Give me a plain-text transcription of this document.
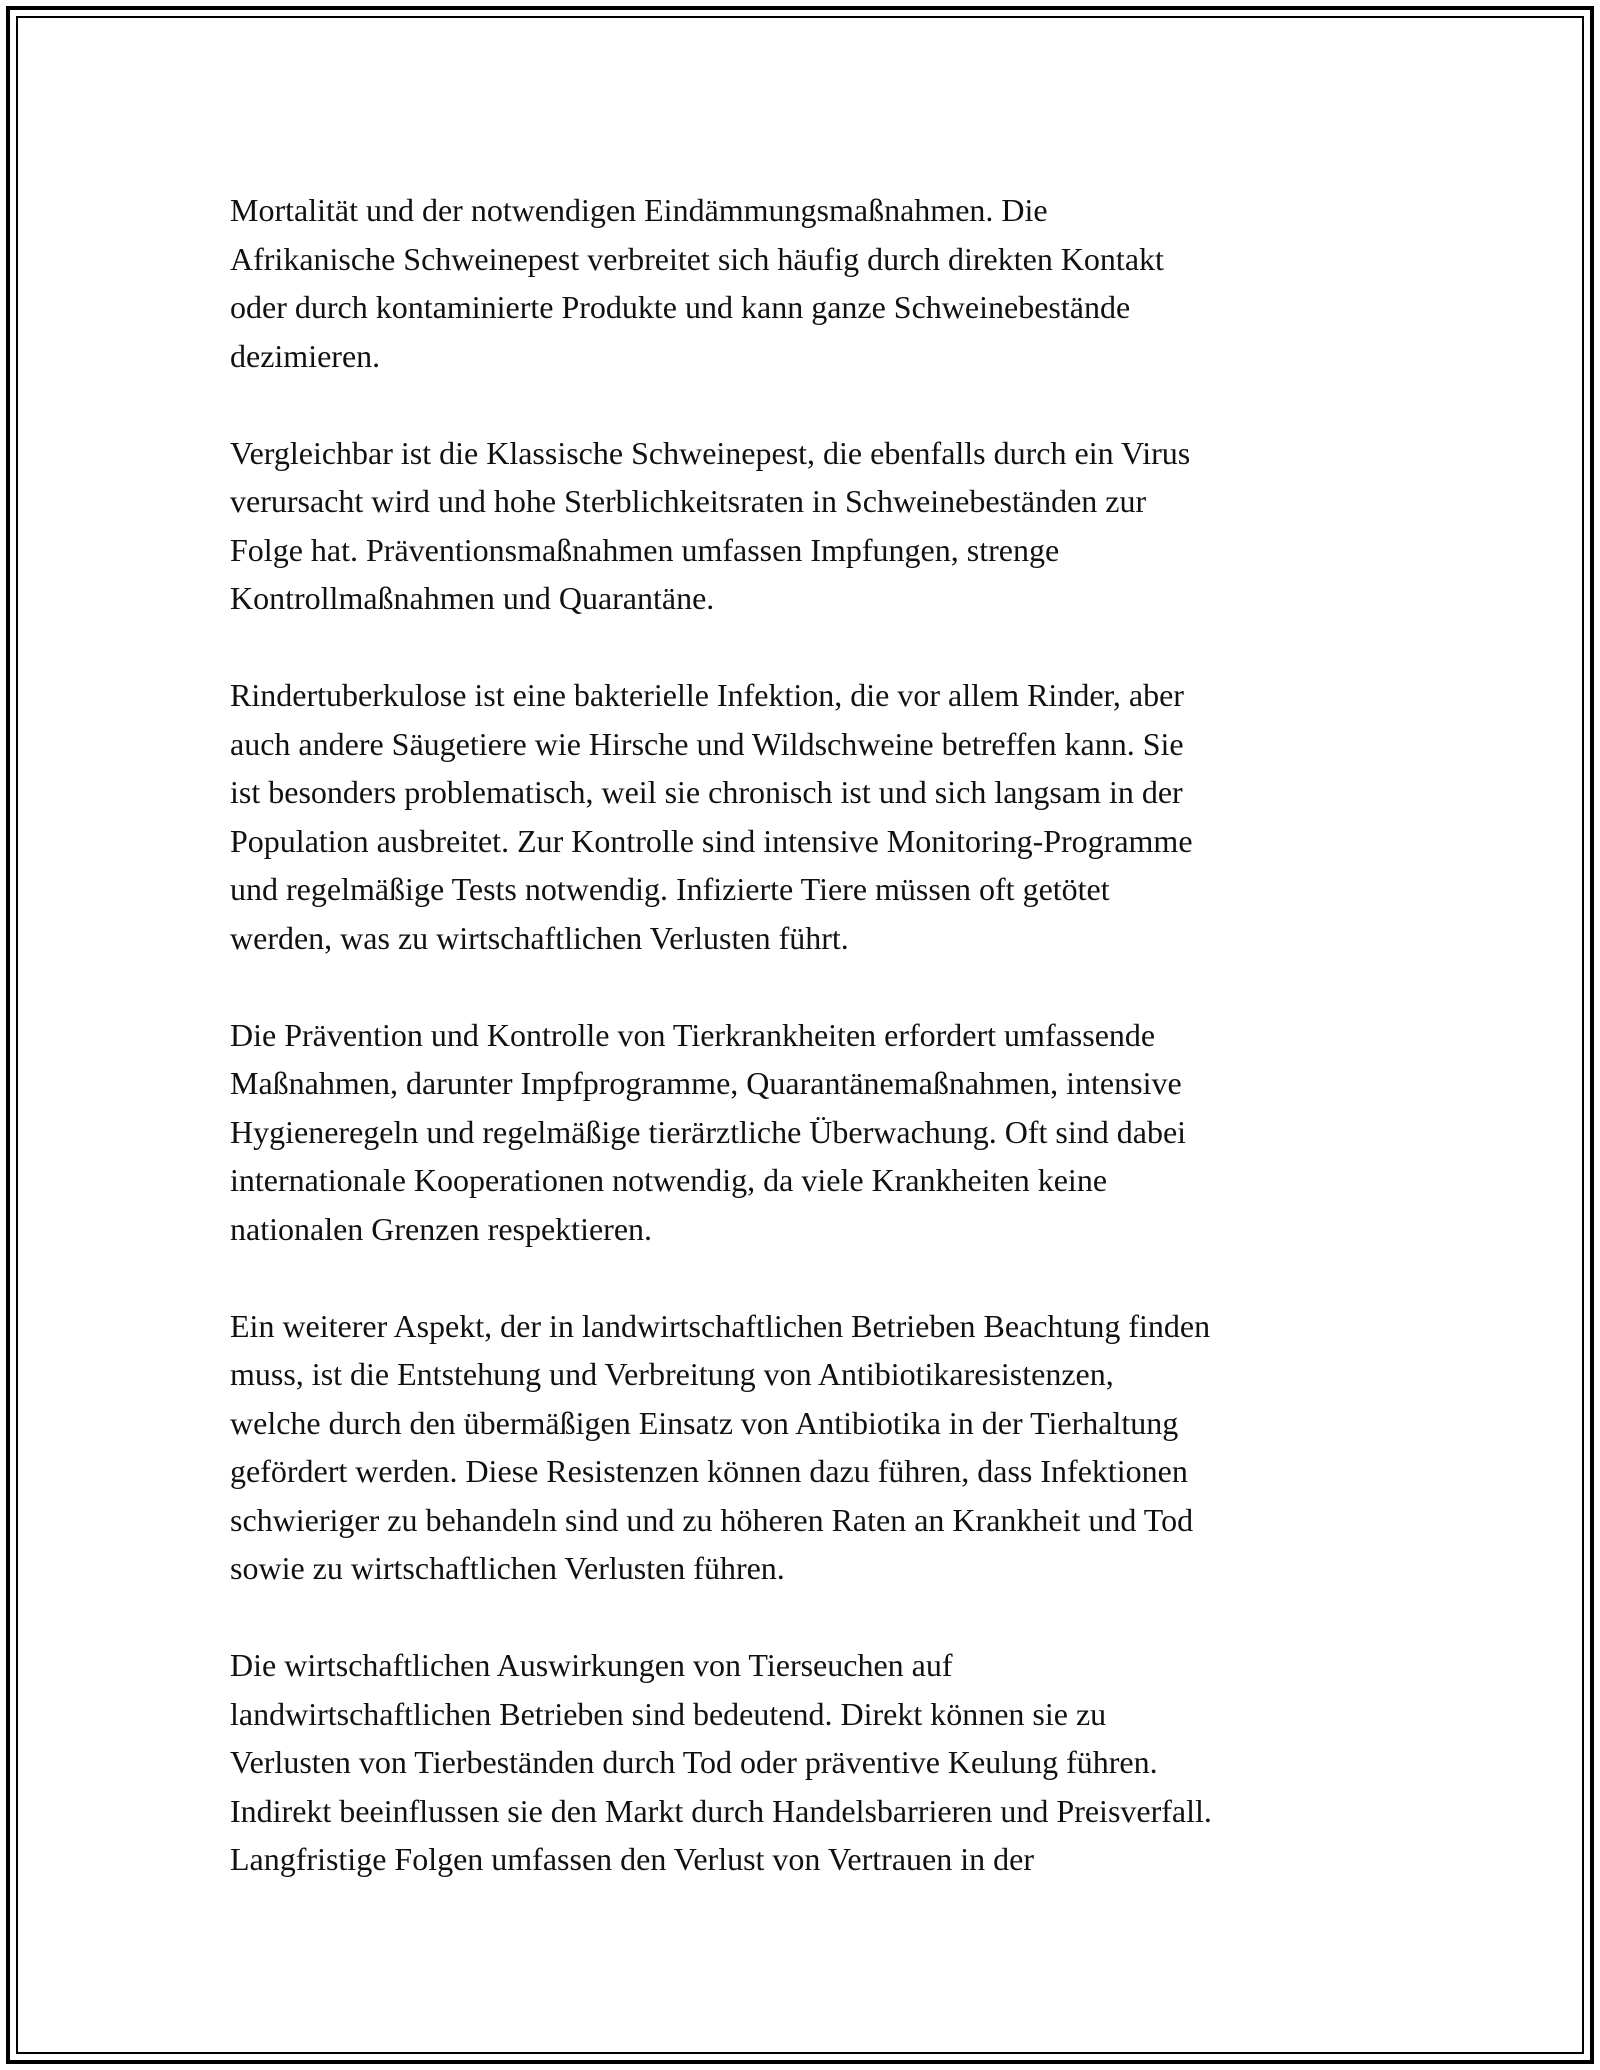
Mortalität und der notwendigen Eindämmungsmaßnahmen. Die
Afrikanische Schweinepest verbreitet sich häufig durch direkten Kontakt
oder durch kontaminierte Produkte und kann ganze Schweinebestände
dezimieren.

Vergleichbar ist die Klassische Schweinepest, die ebenfalls durch ein Virus
verursacht wird und hohe Sterblichkeitsraten in Schweinebeständen zur
Folge hat. Präventionsmaßnahmen umfassen Impfungen, strenge
Kontrollmaßnahmen und Quarantäne.

Rindertuberkulose ist eine bakterielle Infektion, die vor allem Rinder, aber
auch andere Säugetiere wie Hirsche und Wildschweine betreffen kann. Sie
ist besonders problematisch, weil sie chronisch ist und sich langsam in der
Population ausbreitet. Zur Kontrolle sind intensive Monitoring-Programme
und regelmäßige Tests notwendig. Infizierte Tiere müssen oft getötet
werden, was zu wirtschaftlichen Verlusten führt.

Die Prävention und Kontrolle von Tierkrankheiten erfordert umfassende
Maßnahmen, darunter Impfprogramme, Quarantänemaßnahmen, intensive
Hygieneregeln und regelmäßige tierärztliche Überwachung. Oft sind dabei
internationale Kooperationen notwendig, da viele Krankheiten keine
nationalen Grenzen respektieren.

Ein weiterer Aspekt, der in landwirtschaftlichen Betrieben Beachtung finden
muss, ist die Entstehung und Verbreitung von Antibiotikaresistenzen,
welche durch den übermäßigen Einsatz von Antibiotika in der Tierhaltung
gefördert werden. Diese Resistenzen können dazu führen, dass Infektionen
schwieriger zu behandeln sind und zu höheren Raten an Krankheit und Tod
sowie zu wirtschaftlichen Verlusten führen.

Die wirtschaftlichen Auswirkungen von Tierseuchen auf
landwirtschaftlichen Betrieben sind bedeutend. Direkt können sie zu
Verlusten von Tierbeständen durch Tod oder präventive Keulung führen.
Indirekt beeinflussen sie den Markt durch Handelsbarrieren und Preisverfall.
Langfristige Folgen umfassen den Verlust von Vertrauen in der
